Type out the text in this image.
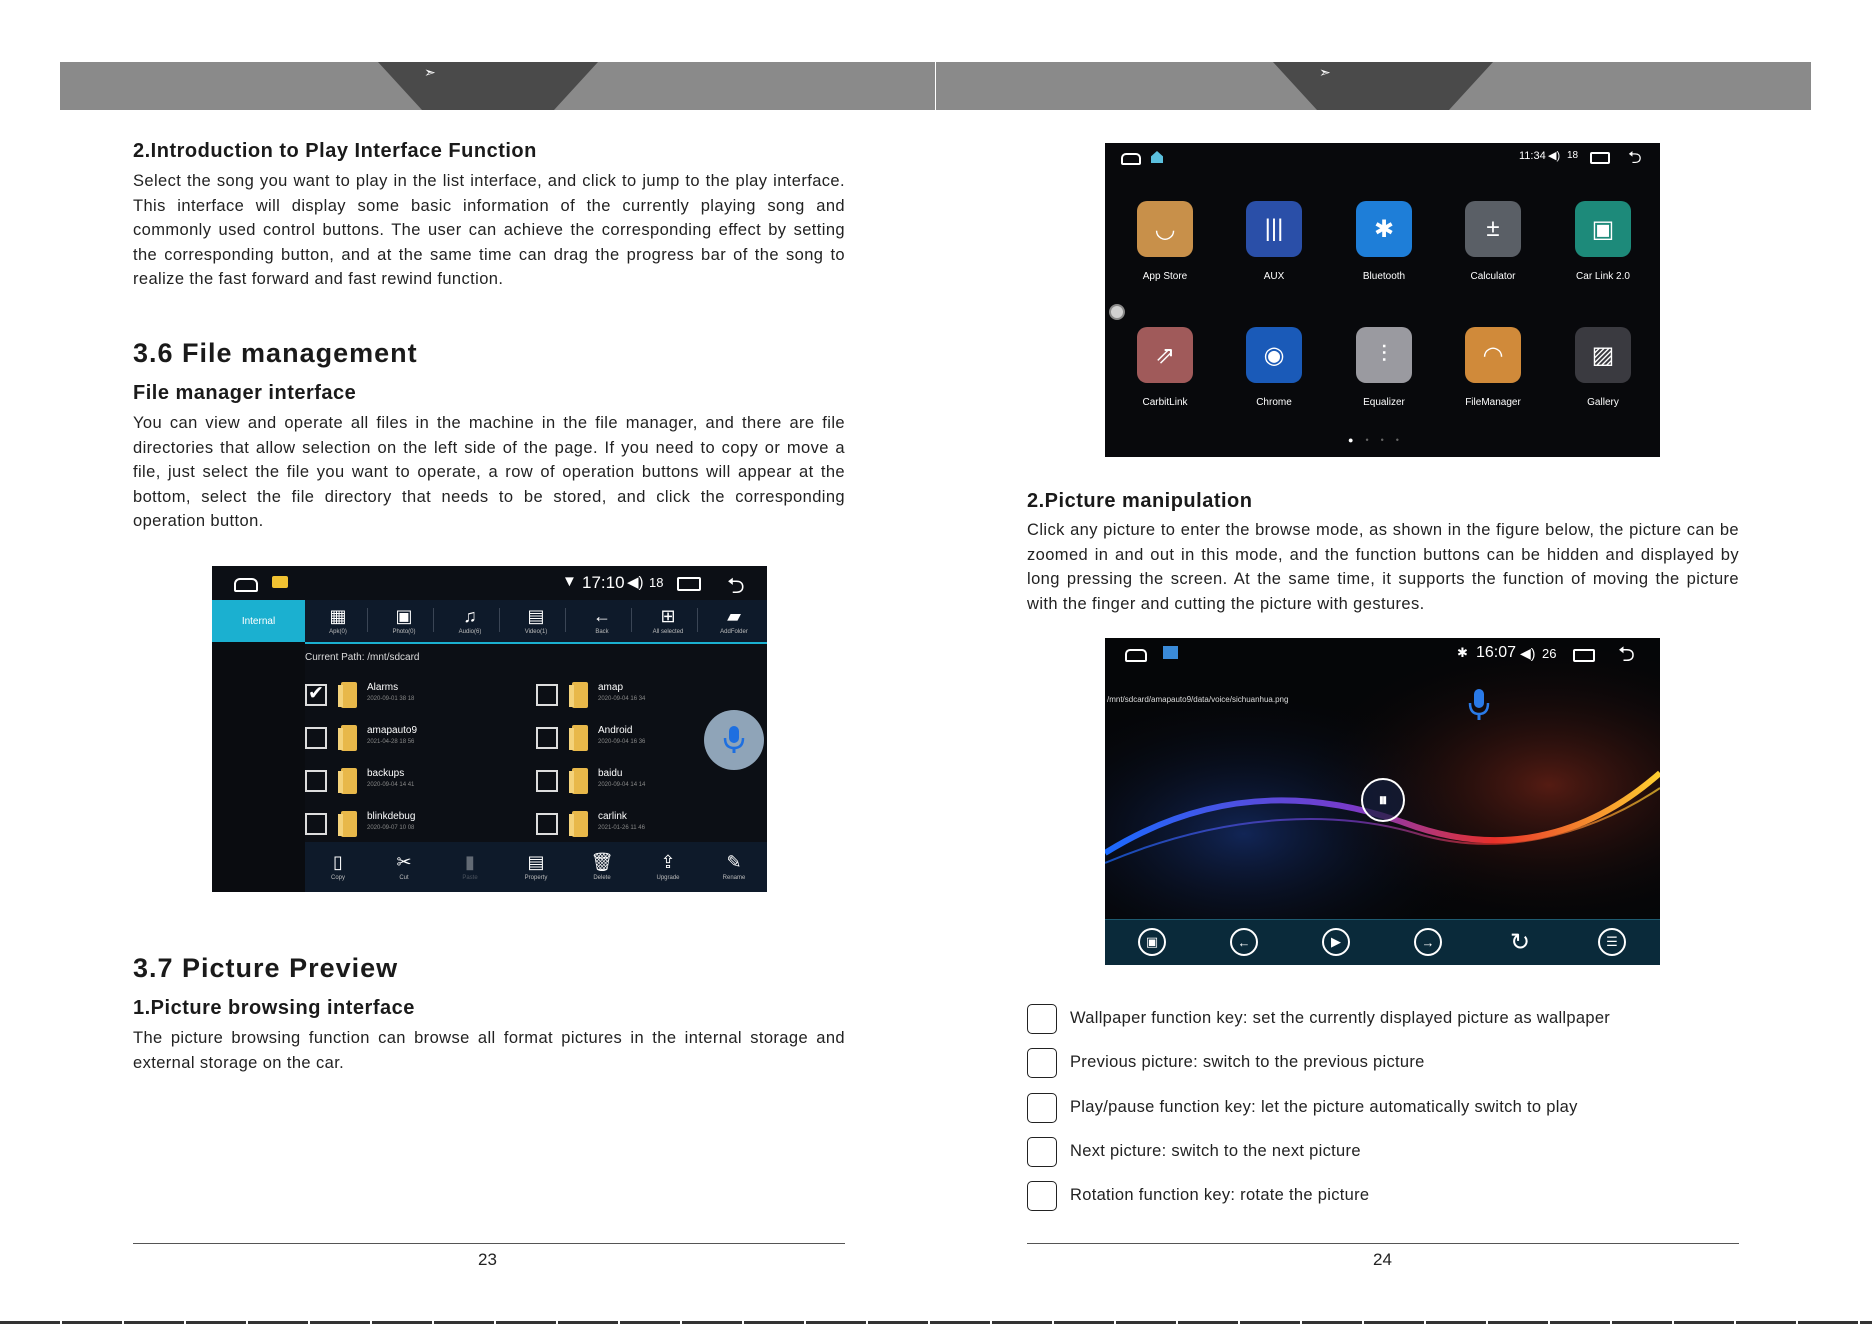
➣	➣
2.Introduction to Play Interface Function

Select the song you want to play in the list interface, and click to jump to the play interface. This interface will display some basic information of the currently playing song and commonly used control buttons. The user can achieve the corresponding effect by setting the corresponding button, and at the same time can drag the progress bar of the song to realize the fast forward and fast rewind function.

3.6 File management
File manager interface

You can view and operate all files in the machine in the file manager, and there are file directories that allow selection on the left side of the page. If you need to copy or move a file, just select the file you want to operate, a row of operation buttons will appear at the bottom, select the file directory that needs to be stored, and click the corresponding operation button.

▼ 17:10 ◀) 18	⮌
Internal	▦
Apk(0)
▣
Photo(0)
♫
Audio(6)
▤
Video(1)
←
Back
⊞
All selected
▰
AddFolder
Current Path: /mnt/sdcard
✔
Alarms
2020-09-01 38 18
amapauto9
2021-04-28 18 56
backups
2020-09-04 14 41
blinkdebug
2020-09-07 10 08
amap
2020-09-04 16 34
Android
2020-09-04 16 36
baidu
2020-09-04 14 14
carlink
2021-01-26 11 46
▯
Copy
✂
Cut
▮
Paste
▤
Property
🗑
Delete
⇪
Upgrade
✎
Rename
3.7 Picture Preview
1.Picture browsing interface

The picture browsing function can browse all format pictures in the internal storage and external storage on the car.

23
11:34 ◀) 18	⮌
◡
App Store
|||
AUX
✱
Bluetooth
±
Calculator
▣
Car Link 2.0
⇗
CarbitLink
◉
Chrome
⫶
Equalizer
◠
FileManager
▨
Gallery
●•••
2.Picture manipulation

Click any picture to enter the browse mode, as shown in the figure below, the picture can be zoomed in and out in this mode, and the function buttons can be hidden and displayed by long pressing the screen. At the same time, it supports the function of moving the picture with the finger and cutting the picture with gestures.

✱ 16:07 ◀) 26	⮌
/mnt/sdcard/amapauto9/data/voice/sichuanhua.png
⏸
▣	←	▶	→	↻	☰
Wallpaper function key: set the currently displayed picture as wallpaper
Previous picture: switch to the previous picture
Play/pause function key: let the picture automatically switch to play
Next picture: switch to the next picture
Rotation function key: rotate the picture
24
